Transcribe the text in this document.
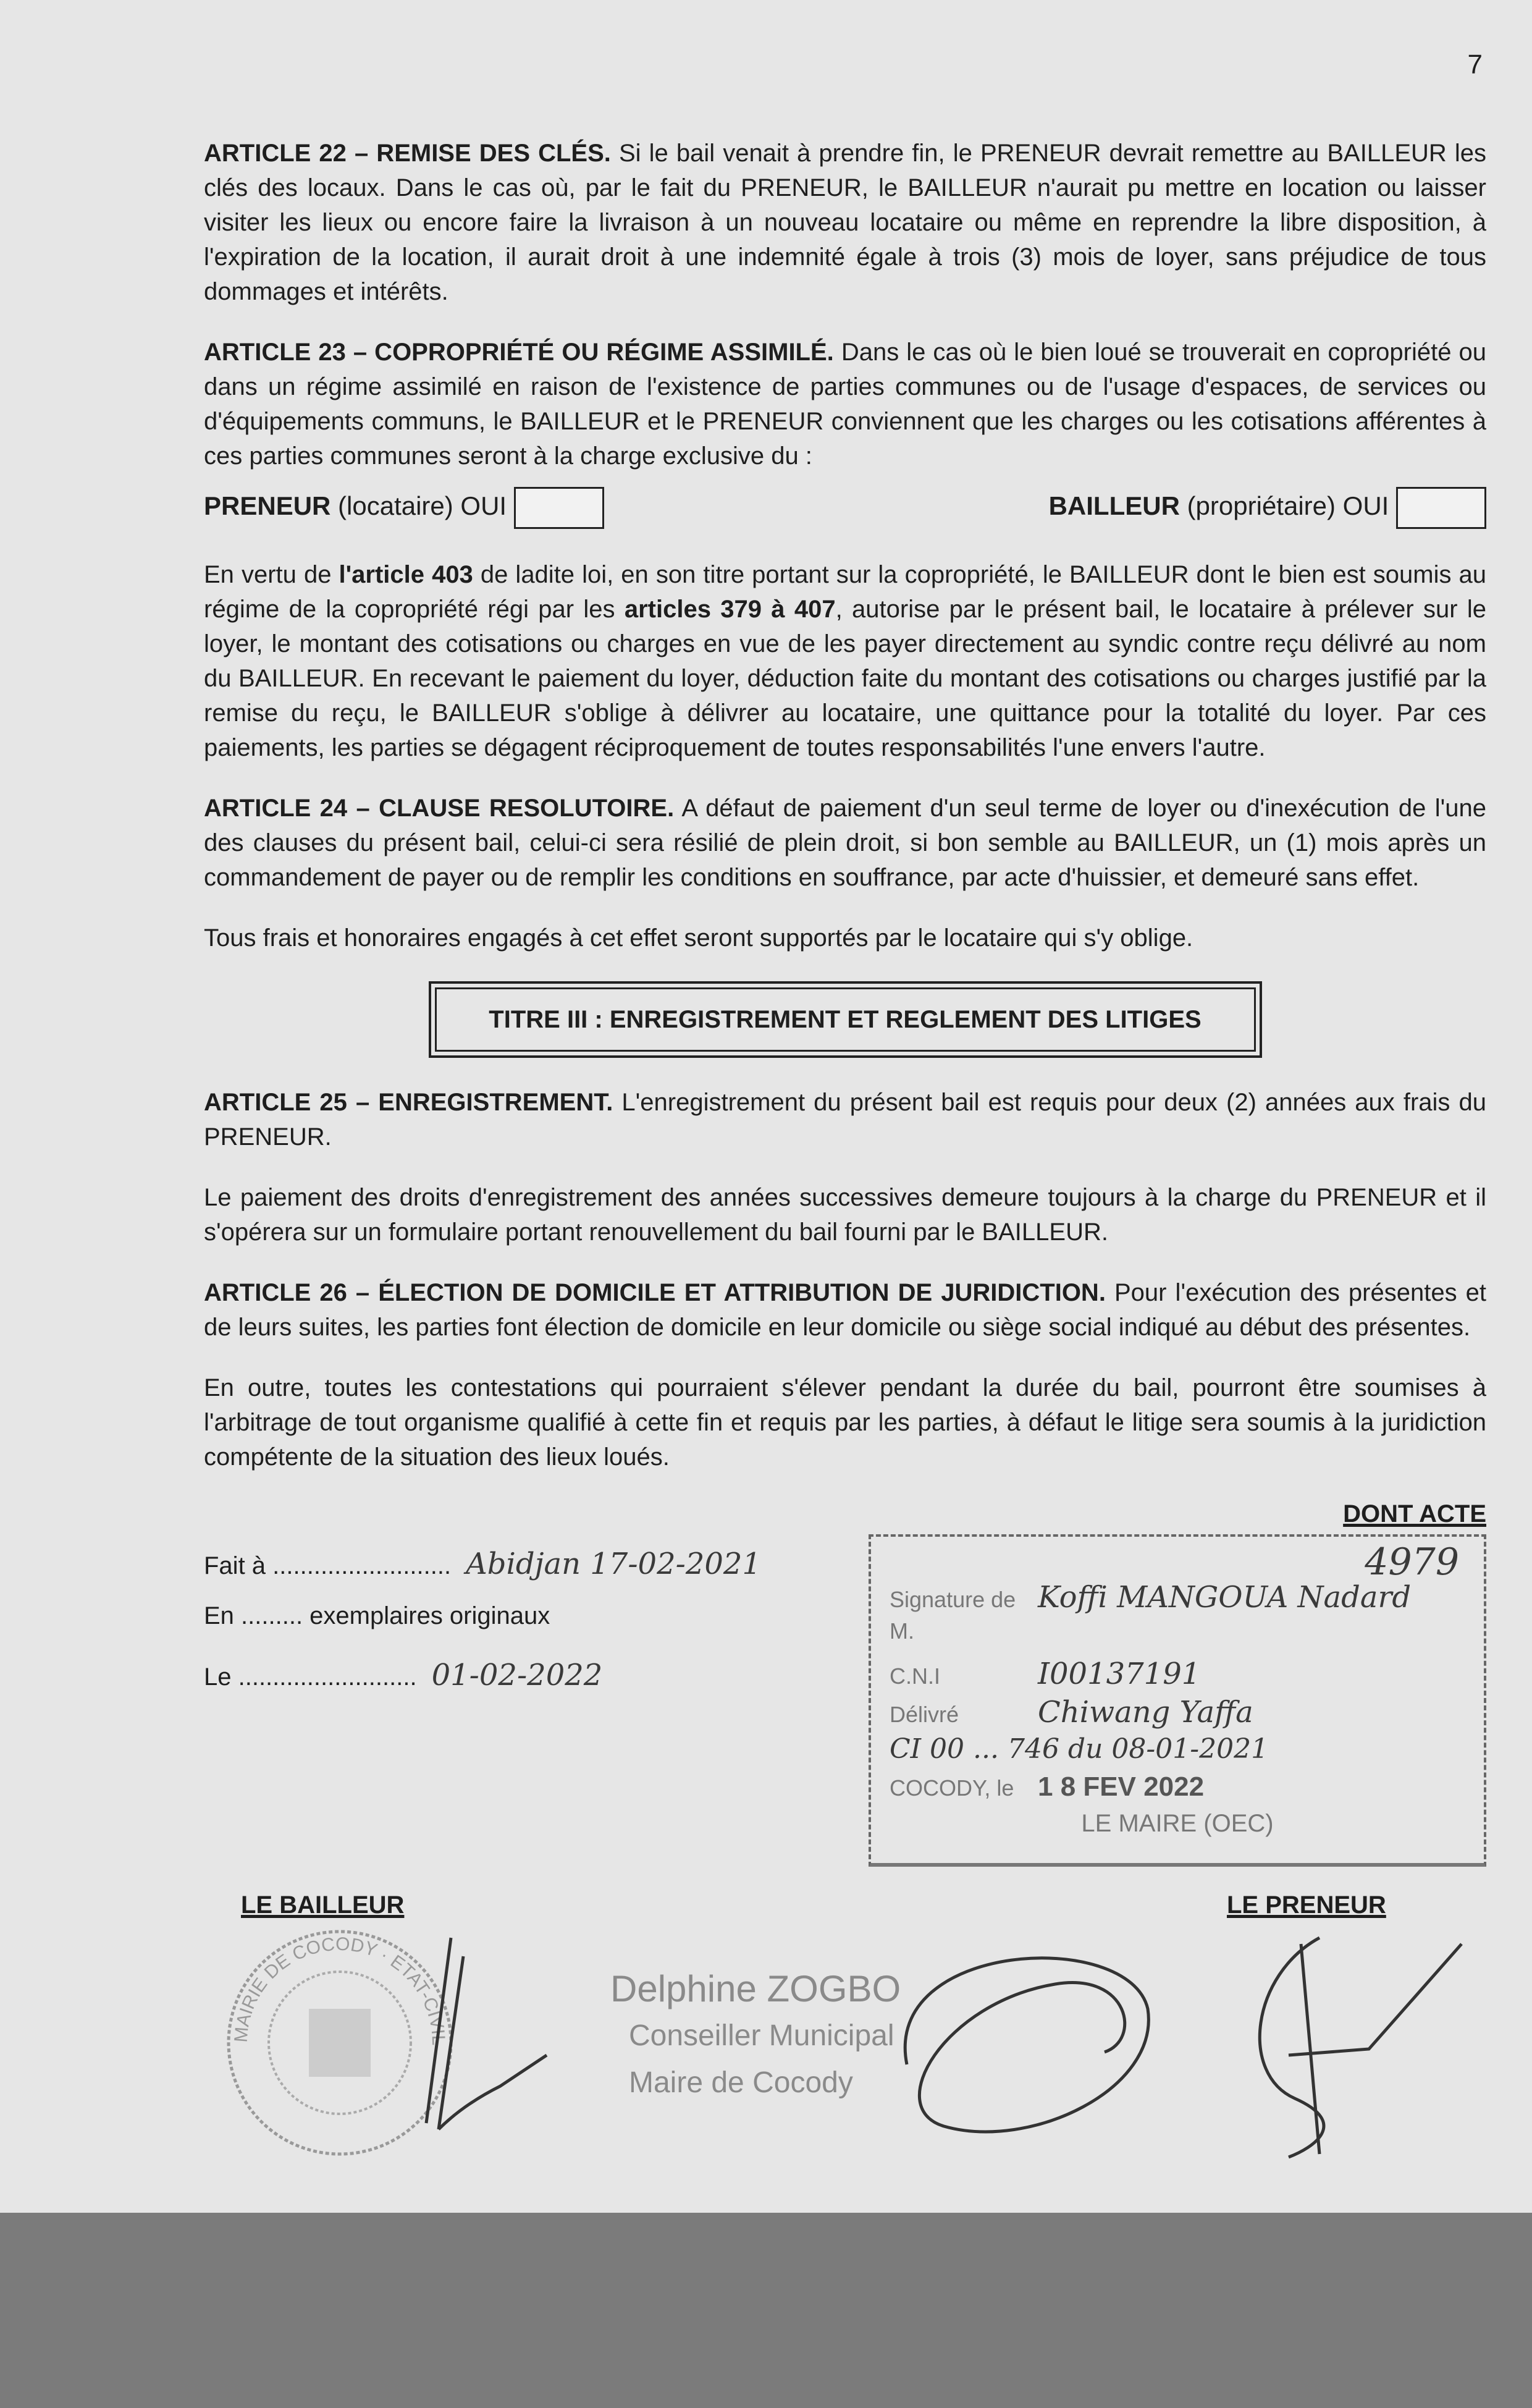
7

ARTICLE 22 – REMISE DES CLÉS. Si le bail venait à prendre fin, le PRENEUR devrait remettre au BAILLEUR les clés des locaux. Dans le cas où, par le fait du PRENEUR, le BAILLEUR n'aurait pu mettre en location ou laisser visiter les lieux ou encore faire la livraison à un nouveau locataire ou même en reprendre la libre disposition, à l'expiration de la location, il aurait droit à une indemnité égale à trois (3) mois de loyer, sans préjudice de tous dommages et intérêts.

ARTICLE 23 – COPROPRIÉTÉ OU RÉGIME ASSIMILÉ. Dans le cas où le bien loué se trouverait en copropriété ou dans un régime assimilé en raison de l'existence de parties communes ou de l'usage d'espaces, de services ou d'équipements communs, le BAILLEUR et le PRENEUR conviennent que les charges ou les cotisations afférentes à ces parties communes seront à la charge exclusive du :

PRENEUR (locataire) OUI	BAILLEUR (propriétaire) OUI

En vertu de l'article 403 de ladite loi, en son titre portant sur la copropriété, le BAILLEUR dont le bien est soumis au régime de la copropriété régi par les articles 379 à 407, autorise par le présent bail, le locataire à prélever sur le loyer, le montant des cotisations ou charges en vue de les payer directement au syndic contre reçu délivré au nom du BAILLEUR. En recevant le paiement du loyer, déduction faite du montant des cotisations ou charges justifié par la remise du reçu, le BAILLEUR s'oblige à délivrer au locataire, une quittance pour la totalité du loyer. Par ces paiements, les parties se dégagent réciproquement de toutes responsabilités l'une envers l'autre.

ARTICLE 24 – CLAUSE RESOLUTOIRE. A défaut de paiement d'un seul terme de loyer ou d'inexécution de l'une des clauses du présent bail, celui-ci sera résilié de plein droit, si bon semble au BAILLEUR, un (1) mois après un commandement de payer ou de remplir les conditions en souffrance, par acte d'huissier, et demeuré sans effet.

Tous frais et honoraires engagés à cet effet seront supportés par le locataire qui s'y oblige.

TITRE III : ENREGISTREMENT ET REGLEMENT DES LITIGES

ARTICLE 25 – ENREGISTREMENT. L'enregistrement du présent bail est requis pour deux (2) années aux frais du PRENEUR.

Le paiement des droits d'enregistrement des années successives demeure toujours à la charge du PRENEUR et il s'opérera sur un formulaire portant renouvellement du bail fourni par le BAILLEUR.

ARTICLE 26 – ÉLECTION DE DOMICILE ET ATTRIBUTION DE JURIDICTION. Pour l'exécution des présentes et de leurs suites, les parties font élection de domicile en leur domicile ou siège social indiqué au début des présentes.

En outre, toutes les contestations qui pourraient s'élever pendant la durée du bail, pourront être soumises à l'arbitrage de tout organisme qualifié à cette fin et requis par les parties, à défaut le litige sera soumis à la juridiction compétente de la situation des lieux loués.

DONT ACTE
Fait à .......................... Abidjan 17-02-2021
En ......... exemplaires originaux
Le .......................... 01-02-2022
4979
Signature de Koffi MANGOUA Nadard
M.
C.N.I	I00137191
Délivré	Chiwang Yaffa
CI 00 ... 746 du 08-01-2021
COCODY, le 1 8 FEV 2022
LE MAIRE (OEC)
LE BAILLEUR
MAIRIE DE COCODY · ETAT-CIVIL
Delphine ZOGBO
Conseiller Municipal
Maire de Cocody
LE PRENEUR
